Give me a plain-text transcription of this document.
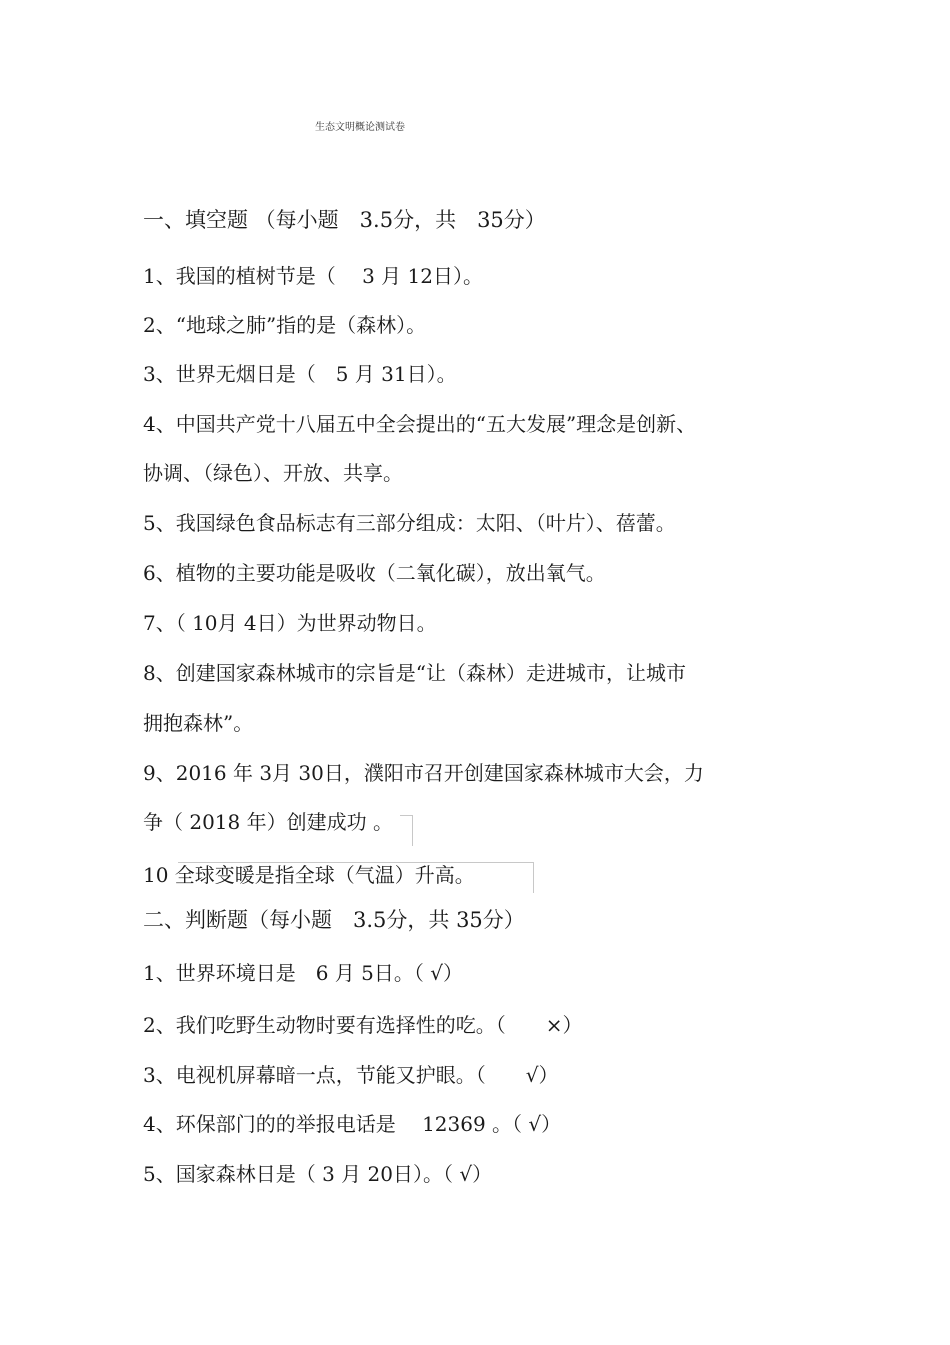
生态文明概论测试卷
一、填空题 （每小题　3.5分，共　35分）
1、我国的植树节是（　 3 月 12日）。
2、“地球之肺”指的是（森林）。
3、世界无烟日是（　5 月 31日）。
4、中国共产党十八届五中全会提出的“五大发展”理念是创新、
协调、（绿色）、开放、共享。
5、我国绿色食品标志有三部分组成：太阳、（叶片）、蓓蕾。
6、植物的主要功能是吸收（二氧化碳），放出氧气。
7、（ 10月 4日）为世界动物日。
8、创建国家森林城市的宗旨是“让（森林）走进城市，让城市
拥抱森林”。
9、2016 年 3月 30日，濮阳市召开创建国家森林城市大会，力
争（ 2018 年）创建成功 。
10 全球变暖是指全球（气温）升高。
二、判断题（每小题　3.5分，共 35分）
1、世界环境日是　6 月 5日。（ √）
2、我们吃野生动物时要有选择性的吃。（　　×）
3、电视机屏幕暗一点，节能又护眼。（　　√）
4、环保部门的的举报电话是　 12369 。（ √）
5、国家森林日是（ 3 月 20日）。（ √）
